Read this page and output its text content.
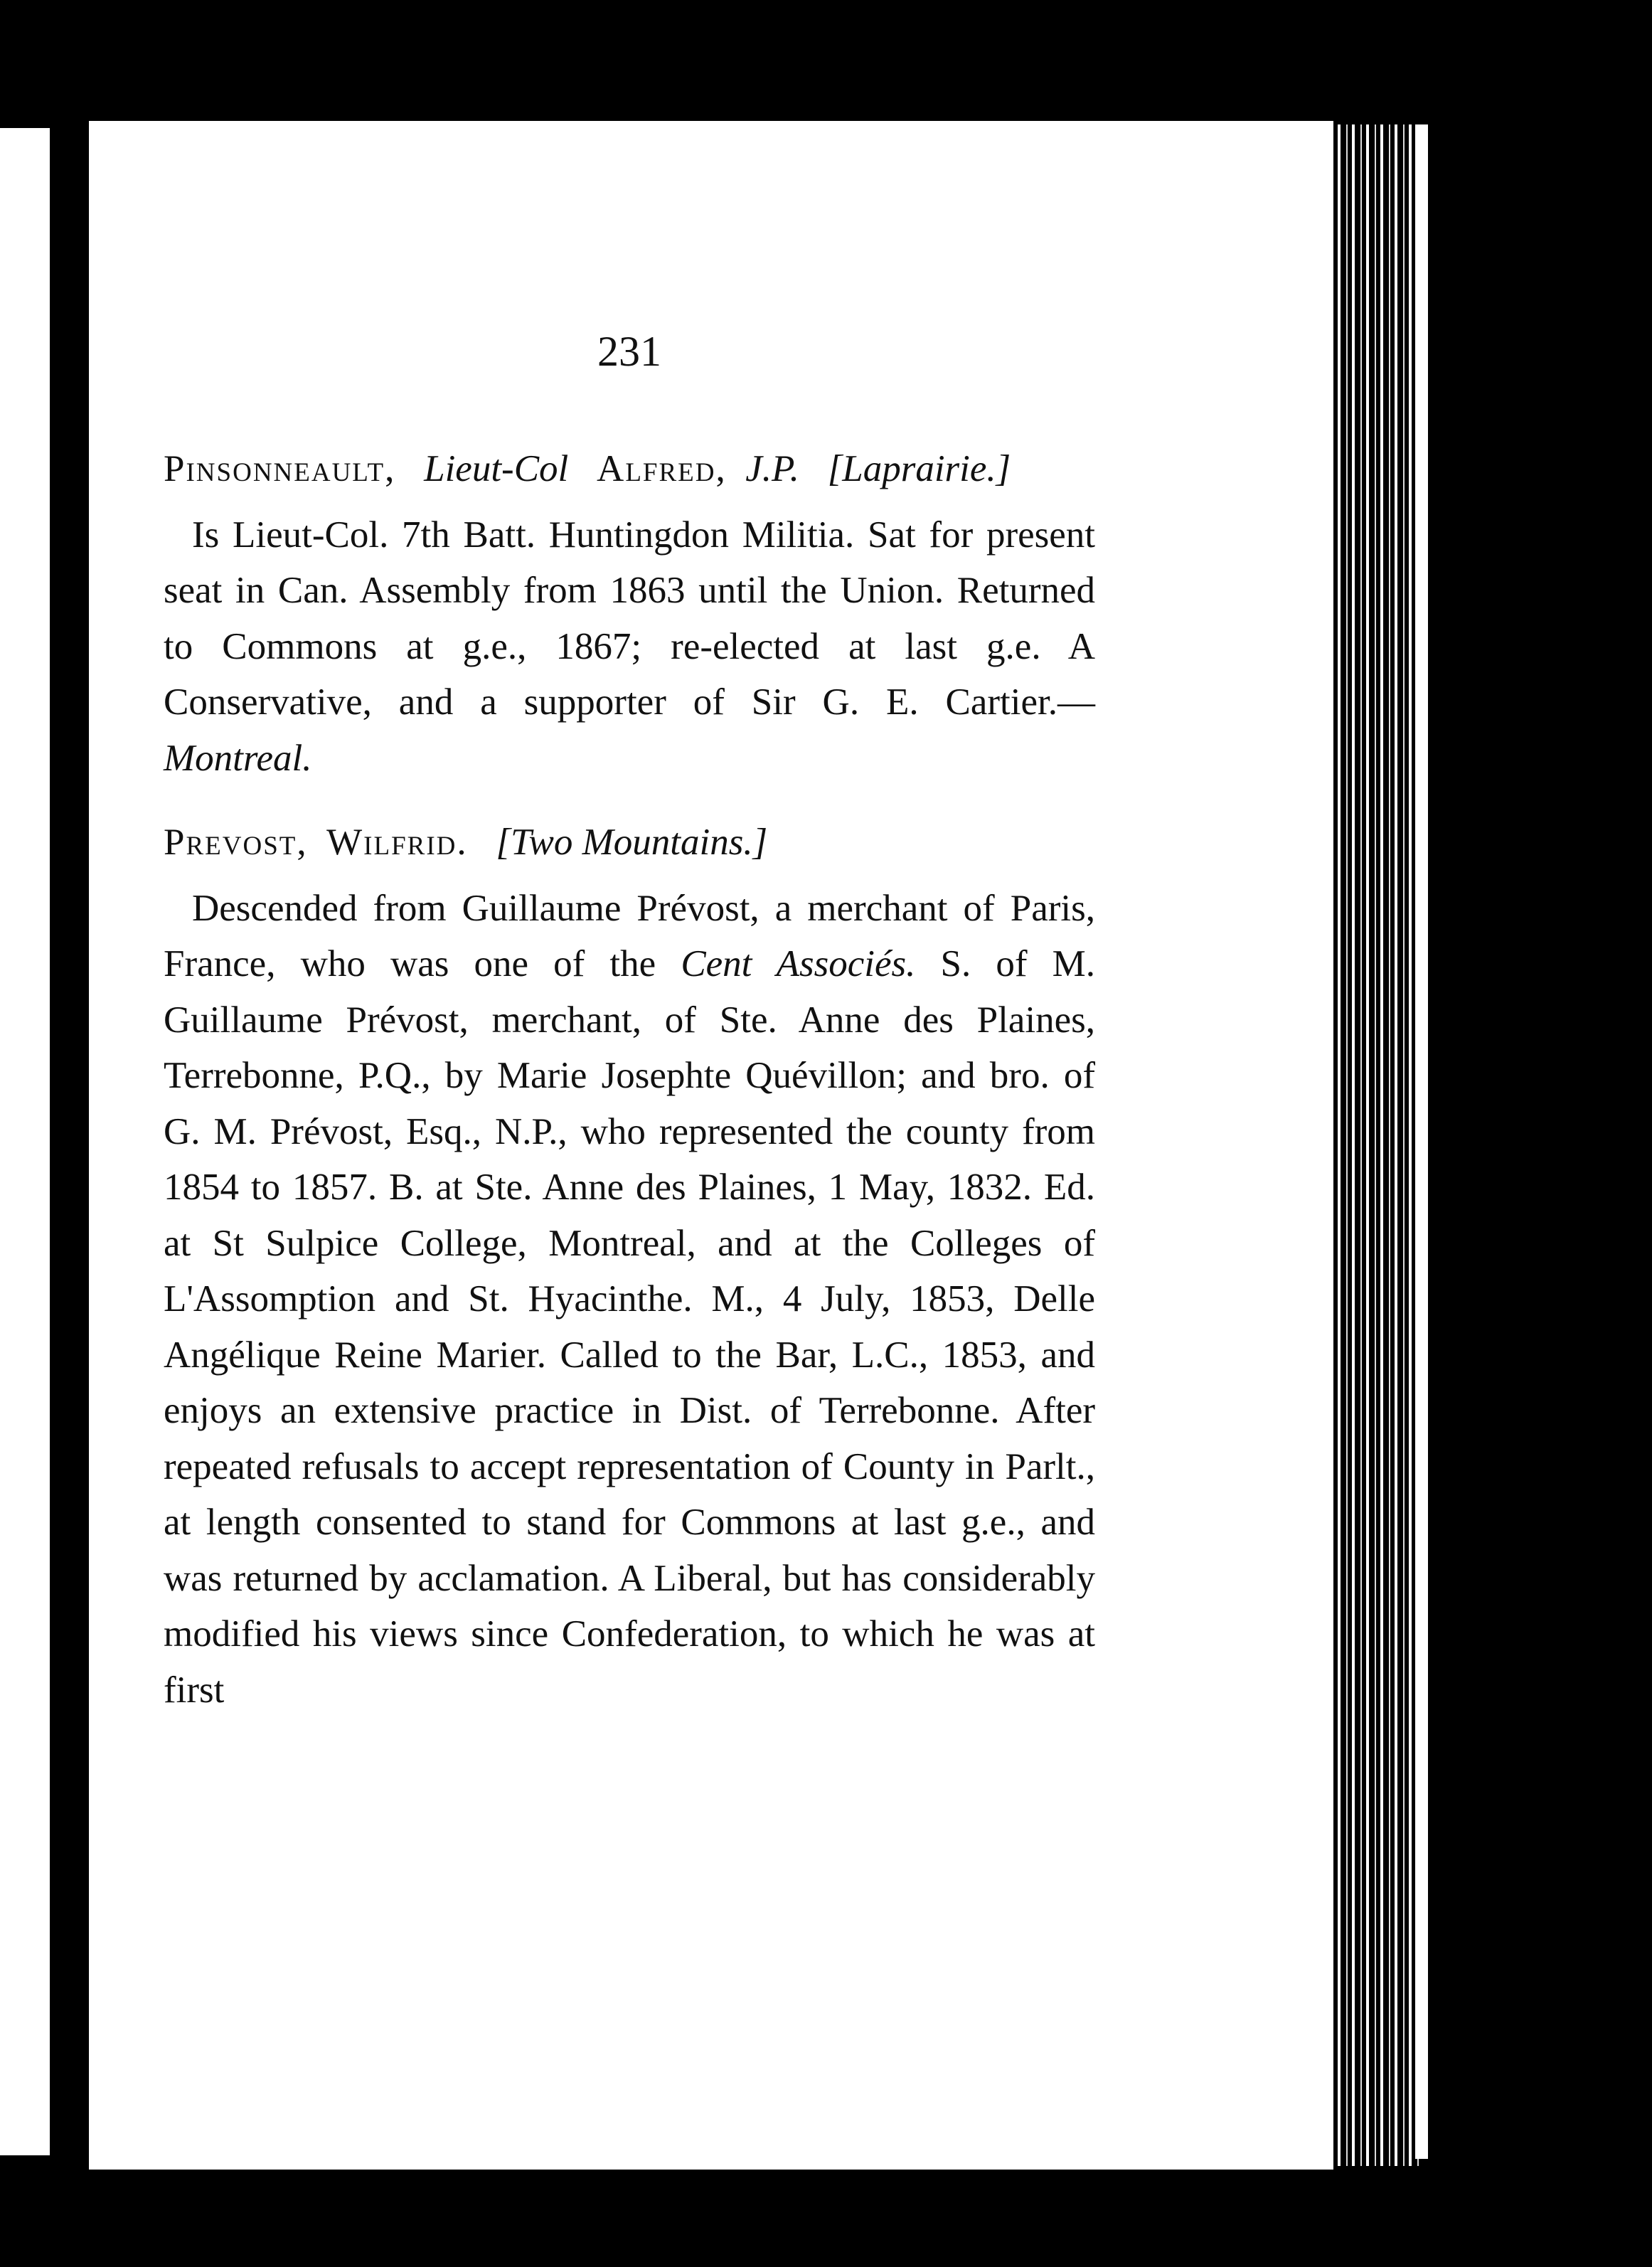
231

Pinsonneault, Lieut-Col Alfred, J.P. [Laprairie.]

Is Lieut-Col. 7th Batt. Huntingdon Militia. Sat for present seat in Can. Assembly from 1863 until the Union. Returned to Commons at g.e., 1867; re-elected at last g.e. A Conservative, and a supporter of Sir G. E. Cartier.— Montreal.

Prevost, Wilfrid. [Two Mountains.]

Descended from Guillaume Prévost, a merchant of Paris, France, who was one of the Cent Associés. S. of M. Guillaume Prévost, merchant, of Ste. Anne des Plaines, Terrebonne, P.Q., by Marie Josephte Quévillon; and bro. of G. M. Prévost, Esq., N.P., who represented the county from 1854 to 1857. B. at Ste. Anne des Plaines, 1 May, 1832. Ed. at St Sulpice College, Montreal, and at the Colleges of L'Assomption and St. Hyacinthe. M., 4 July, 1853, Delle Angélique Reine Marier. Called to the Bar, L.C., 1853, and enjoys an extensive practice in Dist. of Terrebonne. After repeated refusals to accept representation of County in Parlt., at length consented to stand for Commons at last g.e., and was returned by acclamation. A Liberal, but has considerably modified his views since Confederation, to which he was at first
